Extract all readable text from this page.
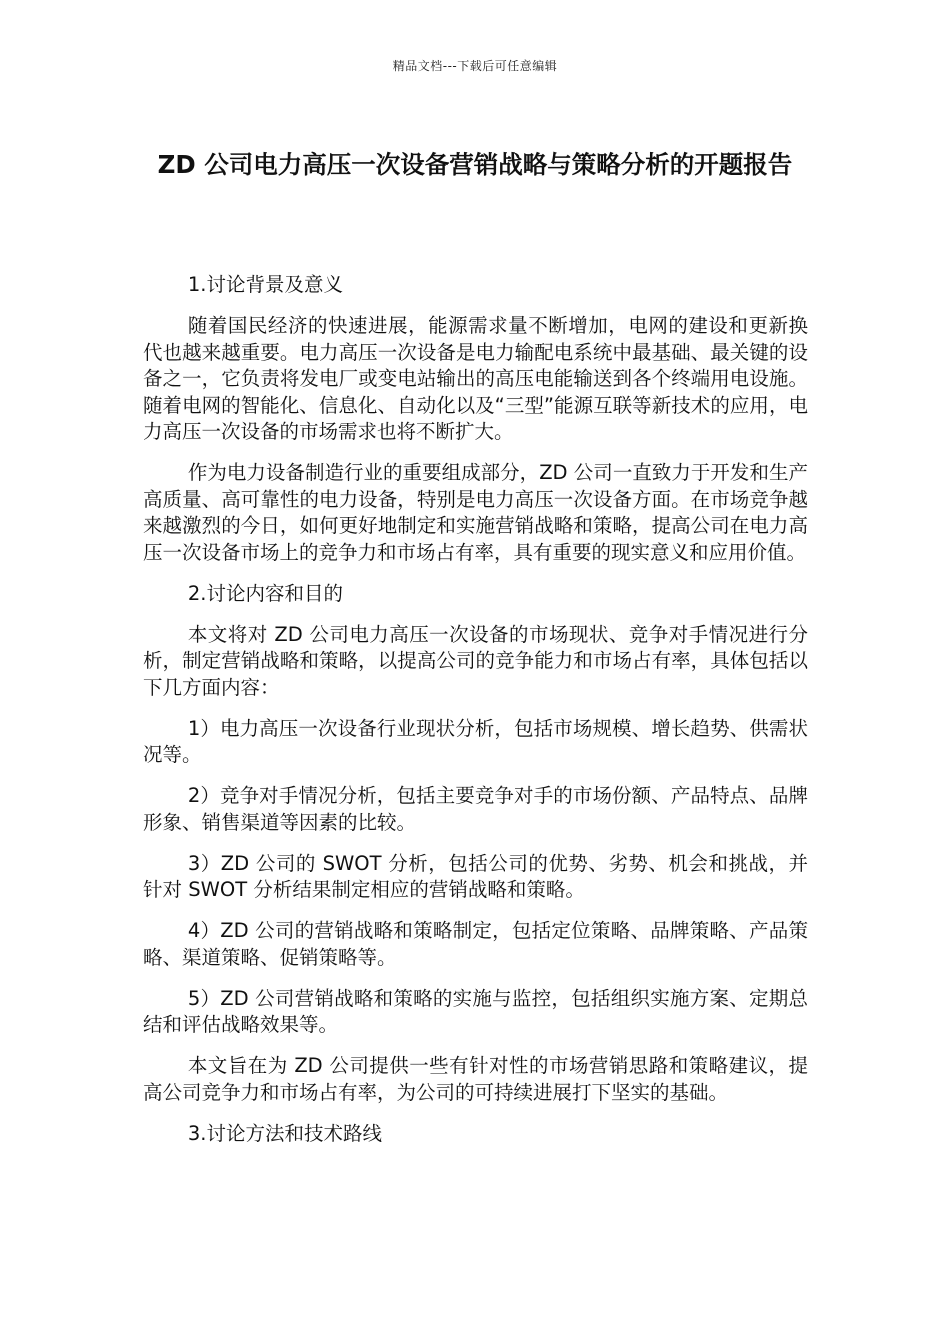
精品文档---下载后可任意编辑
ZD 公司电力高压一次设备营销战略与策略分析的开题报告

1.讨论背景及意义

随着国民经济的快速进展，能源需求量不断增加，电网的建设和更新换代也越来越重要。电力高压一次设备是电力输配电系统中最基础、最关键的设备之一，它负责将发电厂或变电站输出的高压电能输送到各个终端用电设施。随着电网的智能化、信息化、自动化以及“三型”能源互联等新技术的应用，电力高压一次设备的市场需求也将不断扩大。

作为电力设备制造行业的重要组成部分，ZD 公司一直致力于开发和生产高质量、高可靠性的电力设备，特别是电力高压一次设备方面。在市场竞争越来越激烈的今日，如何更好地制定和实施营销战略和策略，提高公司在电力高压一次设备市场上的竞争力和市场占有率，具有重要的现实意义和应用价值。

2.讨论内容和目的

本文将对 ZD 公司电力高压一次设备的市场现状、竞争对手情况进行分析，制定营销战略和策略，以提高公司的竞争能力和市场占有率，具体包括以下几方面内容：

1）电力高压一次设备行业现状分析，包括市场规模、增长趋势、供需状况等。

2）竞争对手情况分析，包括主要竞争对手的市场份额、产品特点、品牌形象、销售渠道等因素的比较。

3）ZD 公司的 SWOT 分析，包括公司的优势、劣势、机会和挑战，并针对 SWOT 分析结果制定相应的营销战略和策略。

4）ZD 公司的营销战略和策略制定，包括定位策略、品牌策略、产品策略、渠道策略、促销策略等。

5）ZD 公司营销战略和策略的实施与监控，包括组织实施方案、定期总结和评估战略效果等。

本文旨在为 ZD 公司提供一些有针对性的市场营销思路和策略建议，提高公司竞争力和市场占有率，为公司的可持续进展打下坚实的基础。

3.讨论方法和技术路线
